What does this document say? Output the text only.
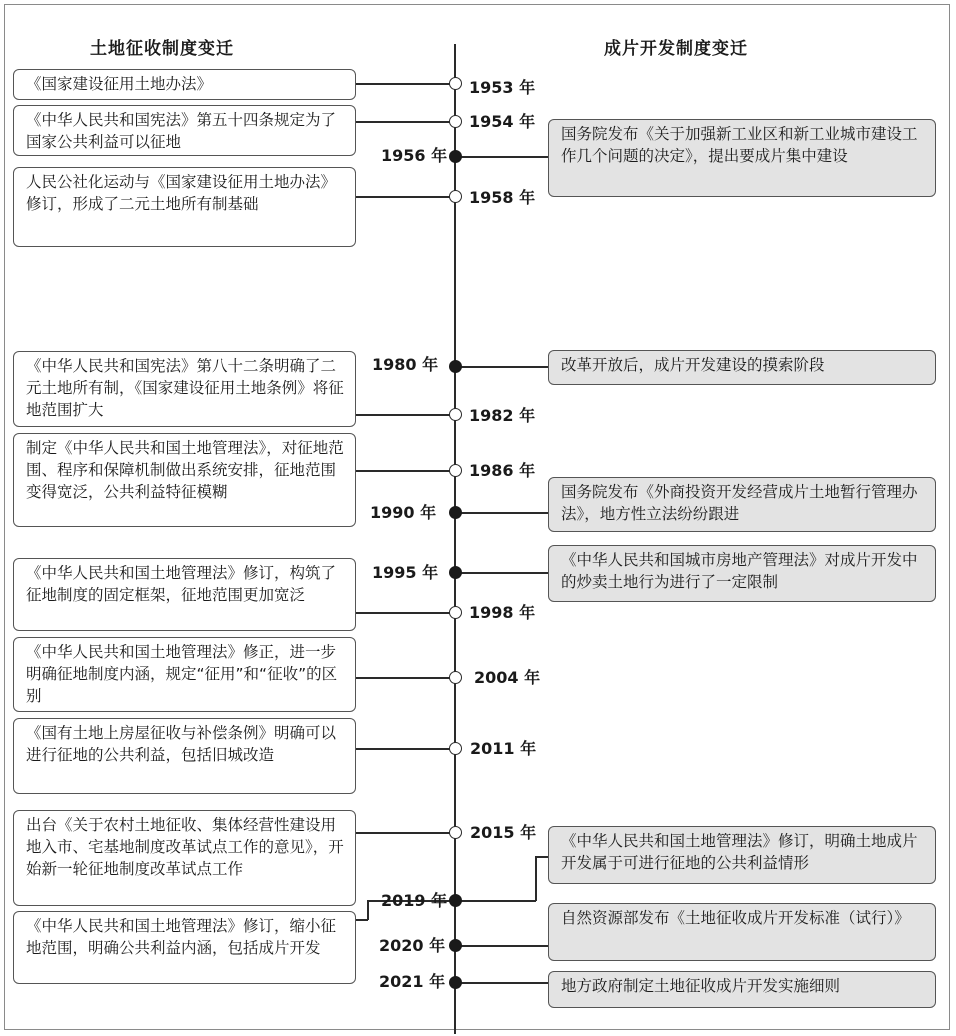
土地征收制度变迁	成片开发制度变迁
1953 年
1954 年
1956 年
1958 年
1980 年
1982 年
1986 年
1990 年
1995 年
1998 年
2004 年
2011 年
2015 年
2019 年
2020 年
2021 年
《国家建设征用土地办法》
《中华人民共和国宪法》第五十四条规定为了国家公共利益可以征地
人民公社化运动与《国家建设征用土地办法》修订，形成了二元土地所有制基础
《中华人民共和国宪法》第八十二条明确了二元土地所有制，《国家建设征用土地条例》将征地范围扩大
制定《中华人民共和国土地管理法》，对征地范围、程序和保障机制做出系统安排，征地范围变得宽泛，公共利益特征模糊
《中华人民共和国土地管理法》修订，构筑了征地制度的固定框架，征地范围更加宽泛
《中华人民共和国土地管理法》修正，进一步明确征地制度内涵，规定“征用”和“征收”的区别
《国有土地上房屋征收与补偿条例》明确可以进行征地的公共利益，包括旧城改造
出台《关于农村土地征收、集体经营性建设用地入市、宅基地制度改革试点工作的意见》，开始新一轮征地制度改革试点工作
《中华人民共和国土地管理法》修订，缩小征地范围，明确公共利益内涵，包括成片开发
国务院发布《关于加强新工业区和新工业城市建设工作几个问题的决定》，提出要成片集中建设
改革开放后，成片开发建设的摸索阶段
国务院发布《外商投资开发经营成片土地暂行管理办法》，地方性立法纷纷跟进
《中华人民共和国城市房地产管理法》对成片开发中的炒卖土地行为进行了一定限制
《中华人民共和国土地管理法》修订，明确土地成片开发属于可进行征地的公共利益情形
自然资源部发布《土地征收成片开发标准（试行）》
地方政府制定土地征收成片开发实施细则
